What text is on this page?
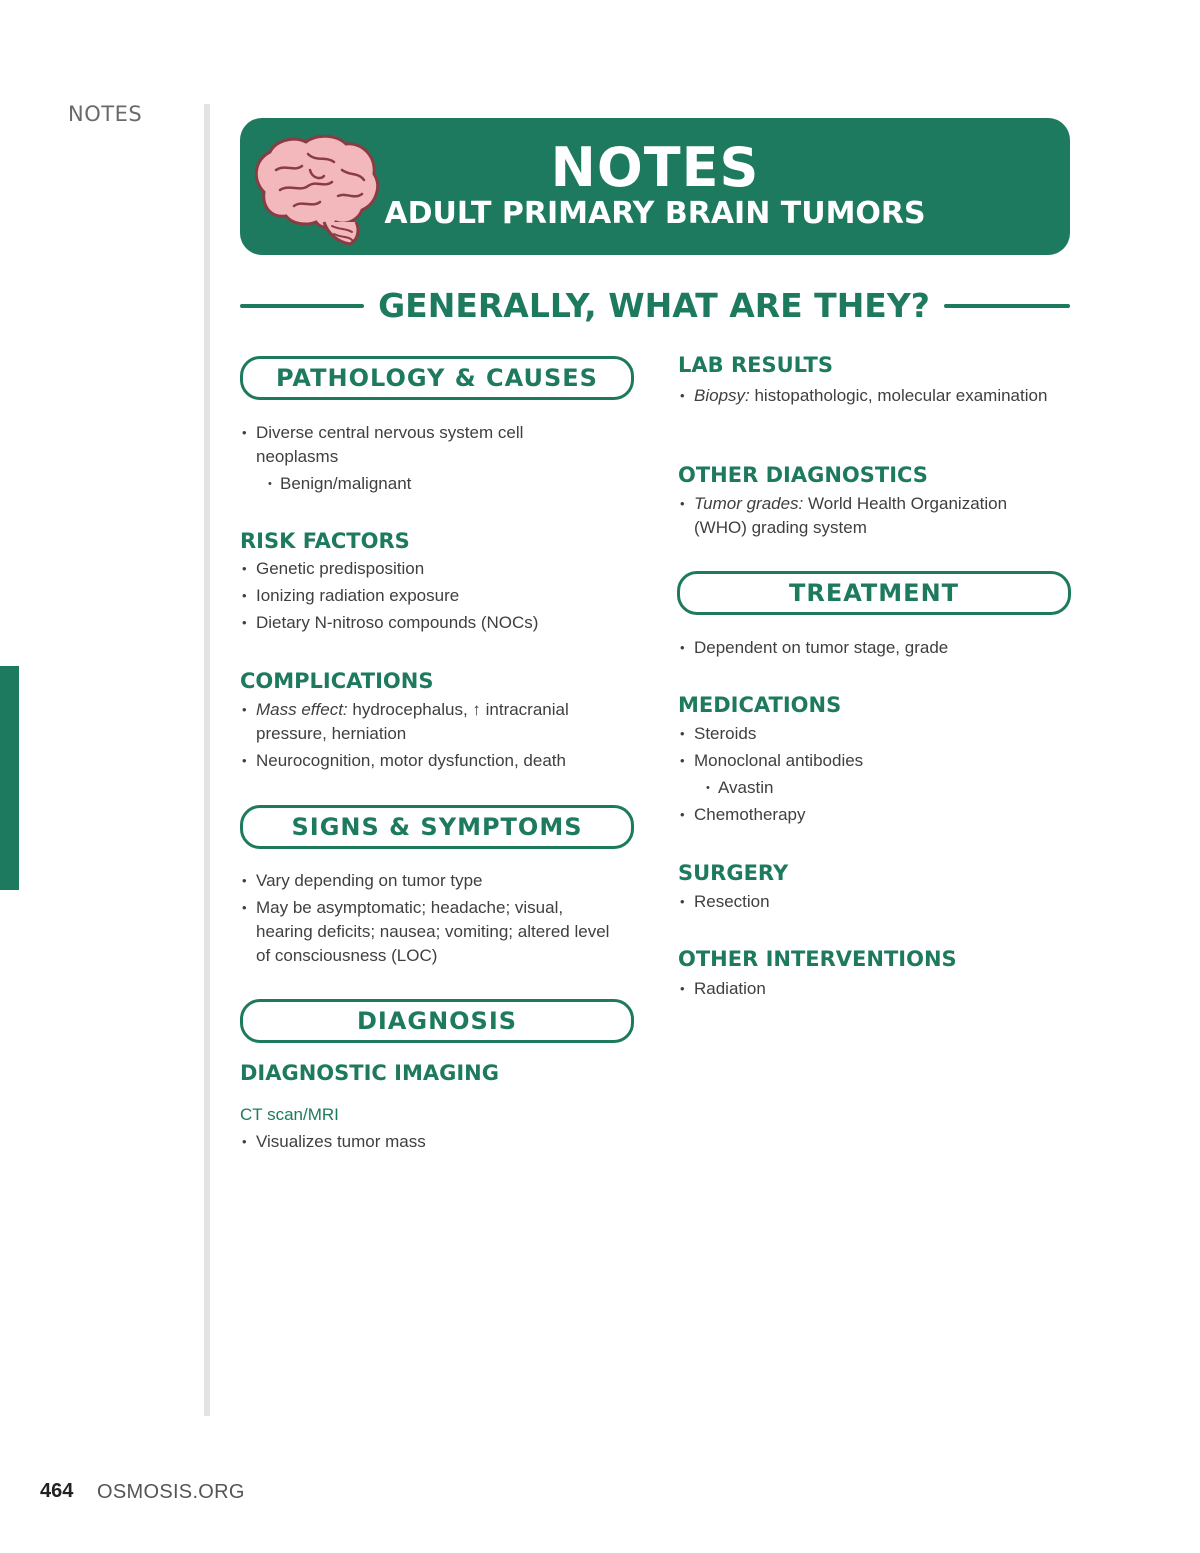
NOTES
NOTES
ADULT PRIMARY BRAIN TUMORS
GENERALLY, WHAT ARE THEY?
PATHOLOGY & CAUSES
• Diverse central nervous system cell neoplasms
• Benign/malignant
RISK FACTORS
• Genetic predisposition
• Ionizing radiation exposure
• Dietary N-nitroso compounds (NOCs)
COMPLICATIONS
• Mass effect: hydrocephalus, ↑ intracranial pressure, herniation
• Neurocognition, motor dysfunction, death
SIGNS & SYMPTOMS
• Vary depending on tumor type
• May be asymptomatic; headache; visual, hearing deficits; nausea; vomiting; altered level of consciousness (LOC)
DIAGNOSIS
DIAGNOSTIC IMAGING
CT scan/MRI
• Visualizes tumor mass
LAB RESULTS
• Biopsy: histopathologic, molecular examination
OTHER DIAGNOSTICS
• Tumor grades: World Health Organization (WHO) grading system
TREATMENT
• Dependent on tumor stage, grade
MEDICATIONS
• Steroids
• Monoclonal antibodies
• Avastin
• Chemotherapy
SURGERY
• Resection
OTHER INTERVENTIONS
• Radiation
464 OSMOSIS.ORG
